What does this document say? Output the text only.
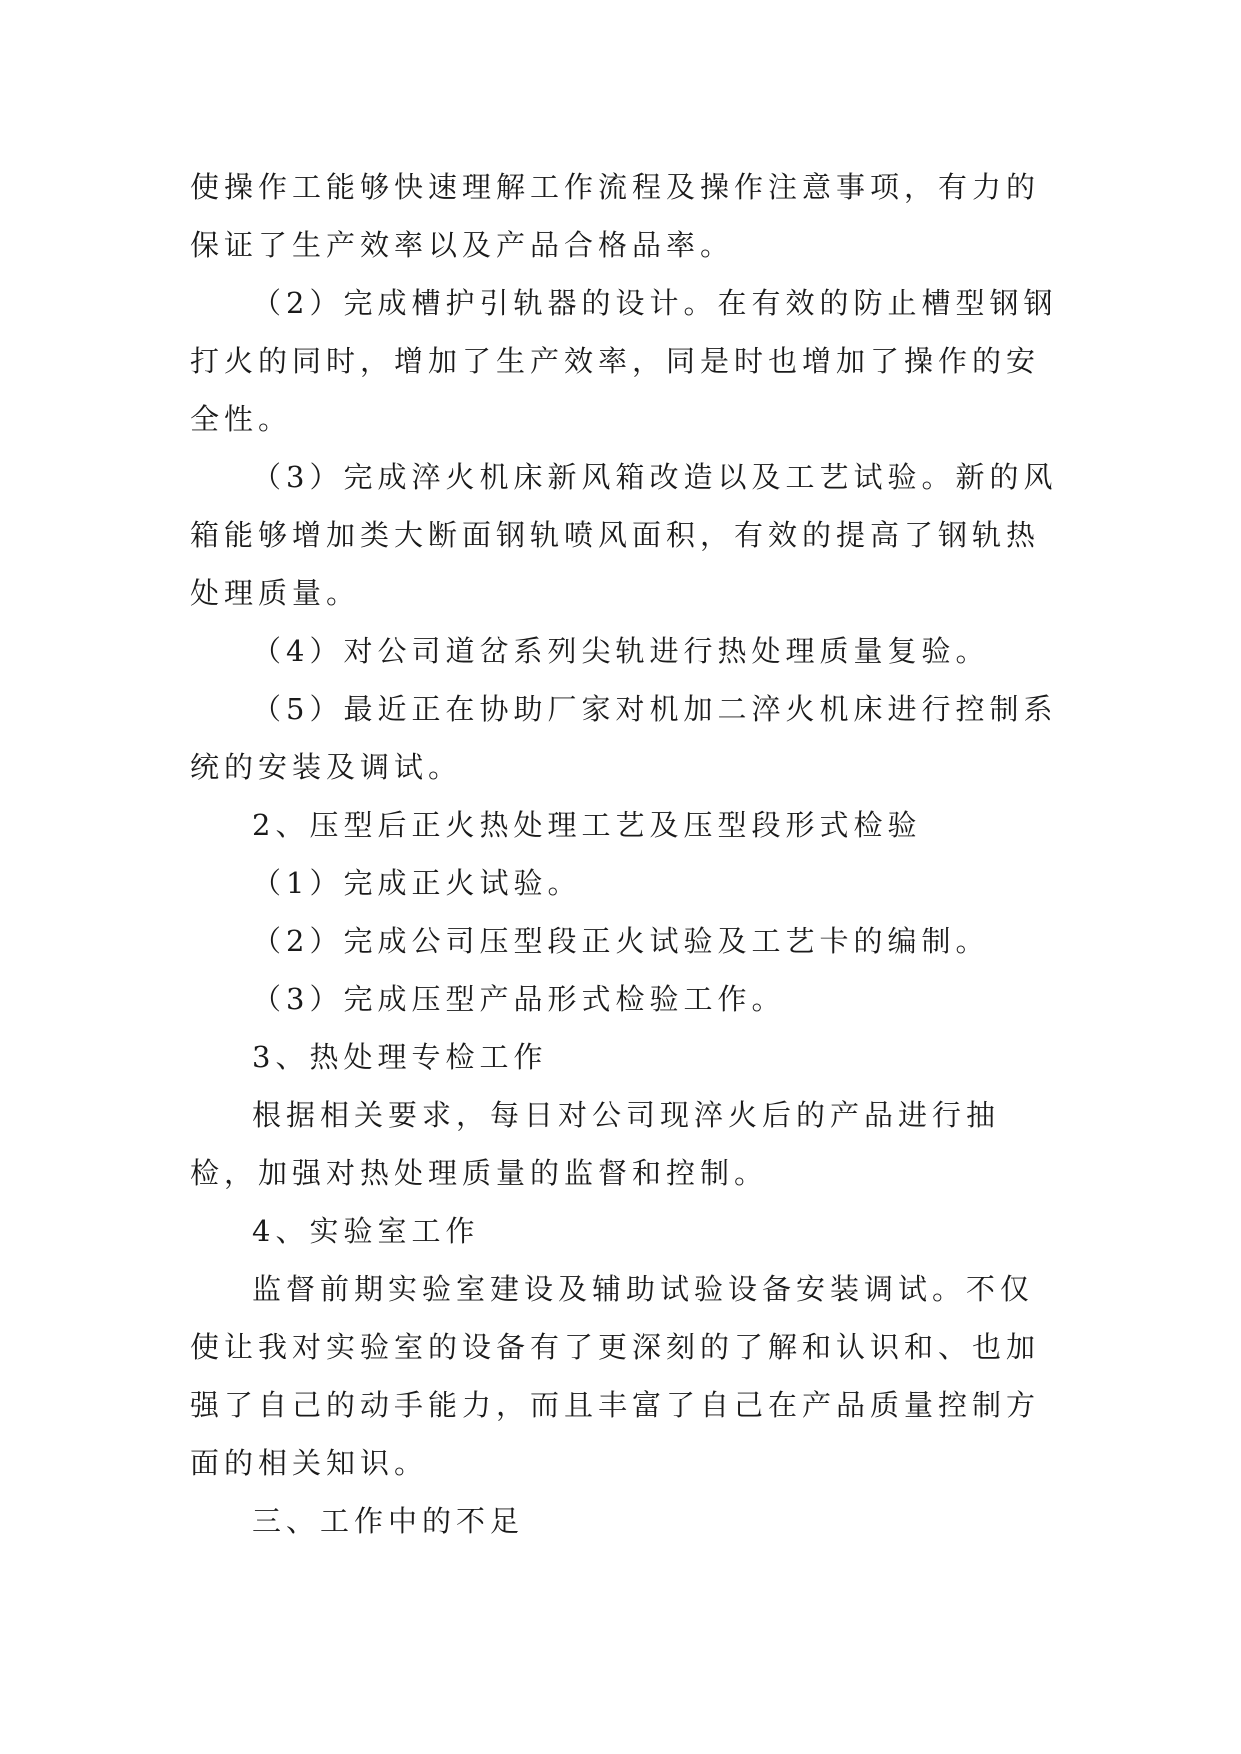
使操作工能够快速理解工作流程及操作注意事项，有力的保证了生产效率以及产品合格品率。

（2）完成槽护引轨器的设计。在有效的防止槽型钢钢打火的同时，增加了生产效率，同是时也增加了操作的安全性。

（3）完成淬火机床新风箱改造以及工艺试验。新的风箱能够增加类大断面钢轨喷风面积，有效的提高了钢轨热处理质量。

（4）对公司道岔系列尖轨进行热处理质量复验。

（5）最近正在协助厂家对机加二淬火机床进行控制系统的安装及调试。

2、压型后正火热处理工艺及压型段形式检验

（1）完成正火试验。

（2）完成公司压型段正火试验及工艺卡的编制。

（3）完成压型产品形式检验工作。

3、热处理专检工作

根据相关要求，每日对公司现淬火后的产品进行抽检，加强对热处理质量的监督和控制。

4、实验室工作

监督前期实验室建设及辅助试验设备安装调试。不仅使让我对实验室的设备有了更深刻的了解和认识和、也加强了自己的动手能力，而且丰富了自己在产品质量控制方面的相关知识。

三、工作中的不足
